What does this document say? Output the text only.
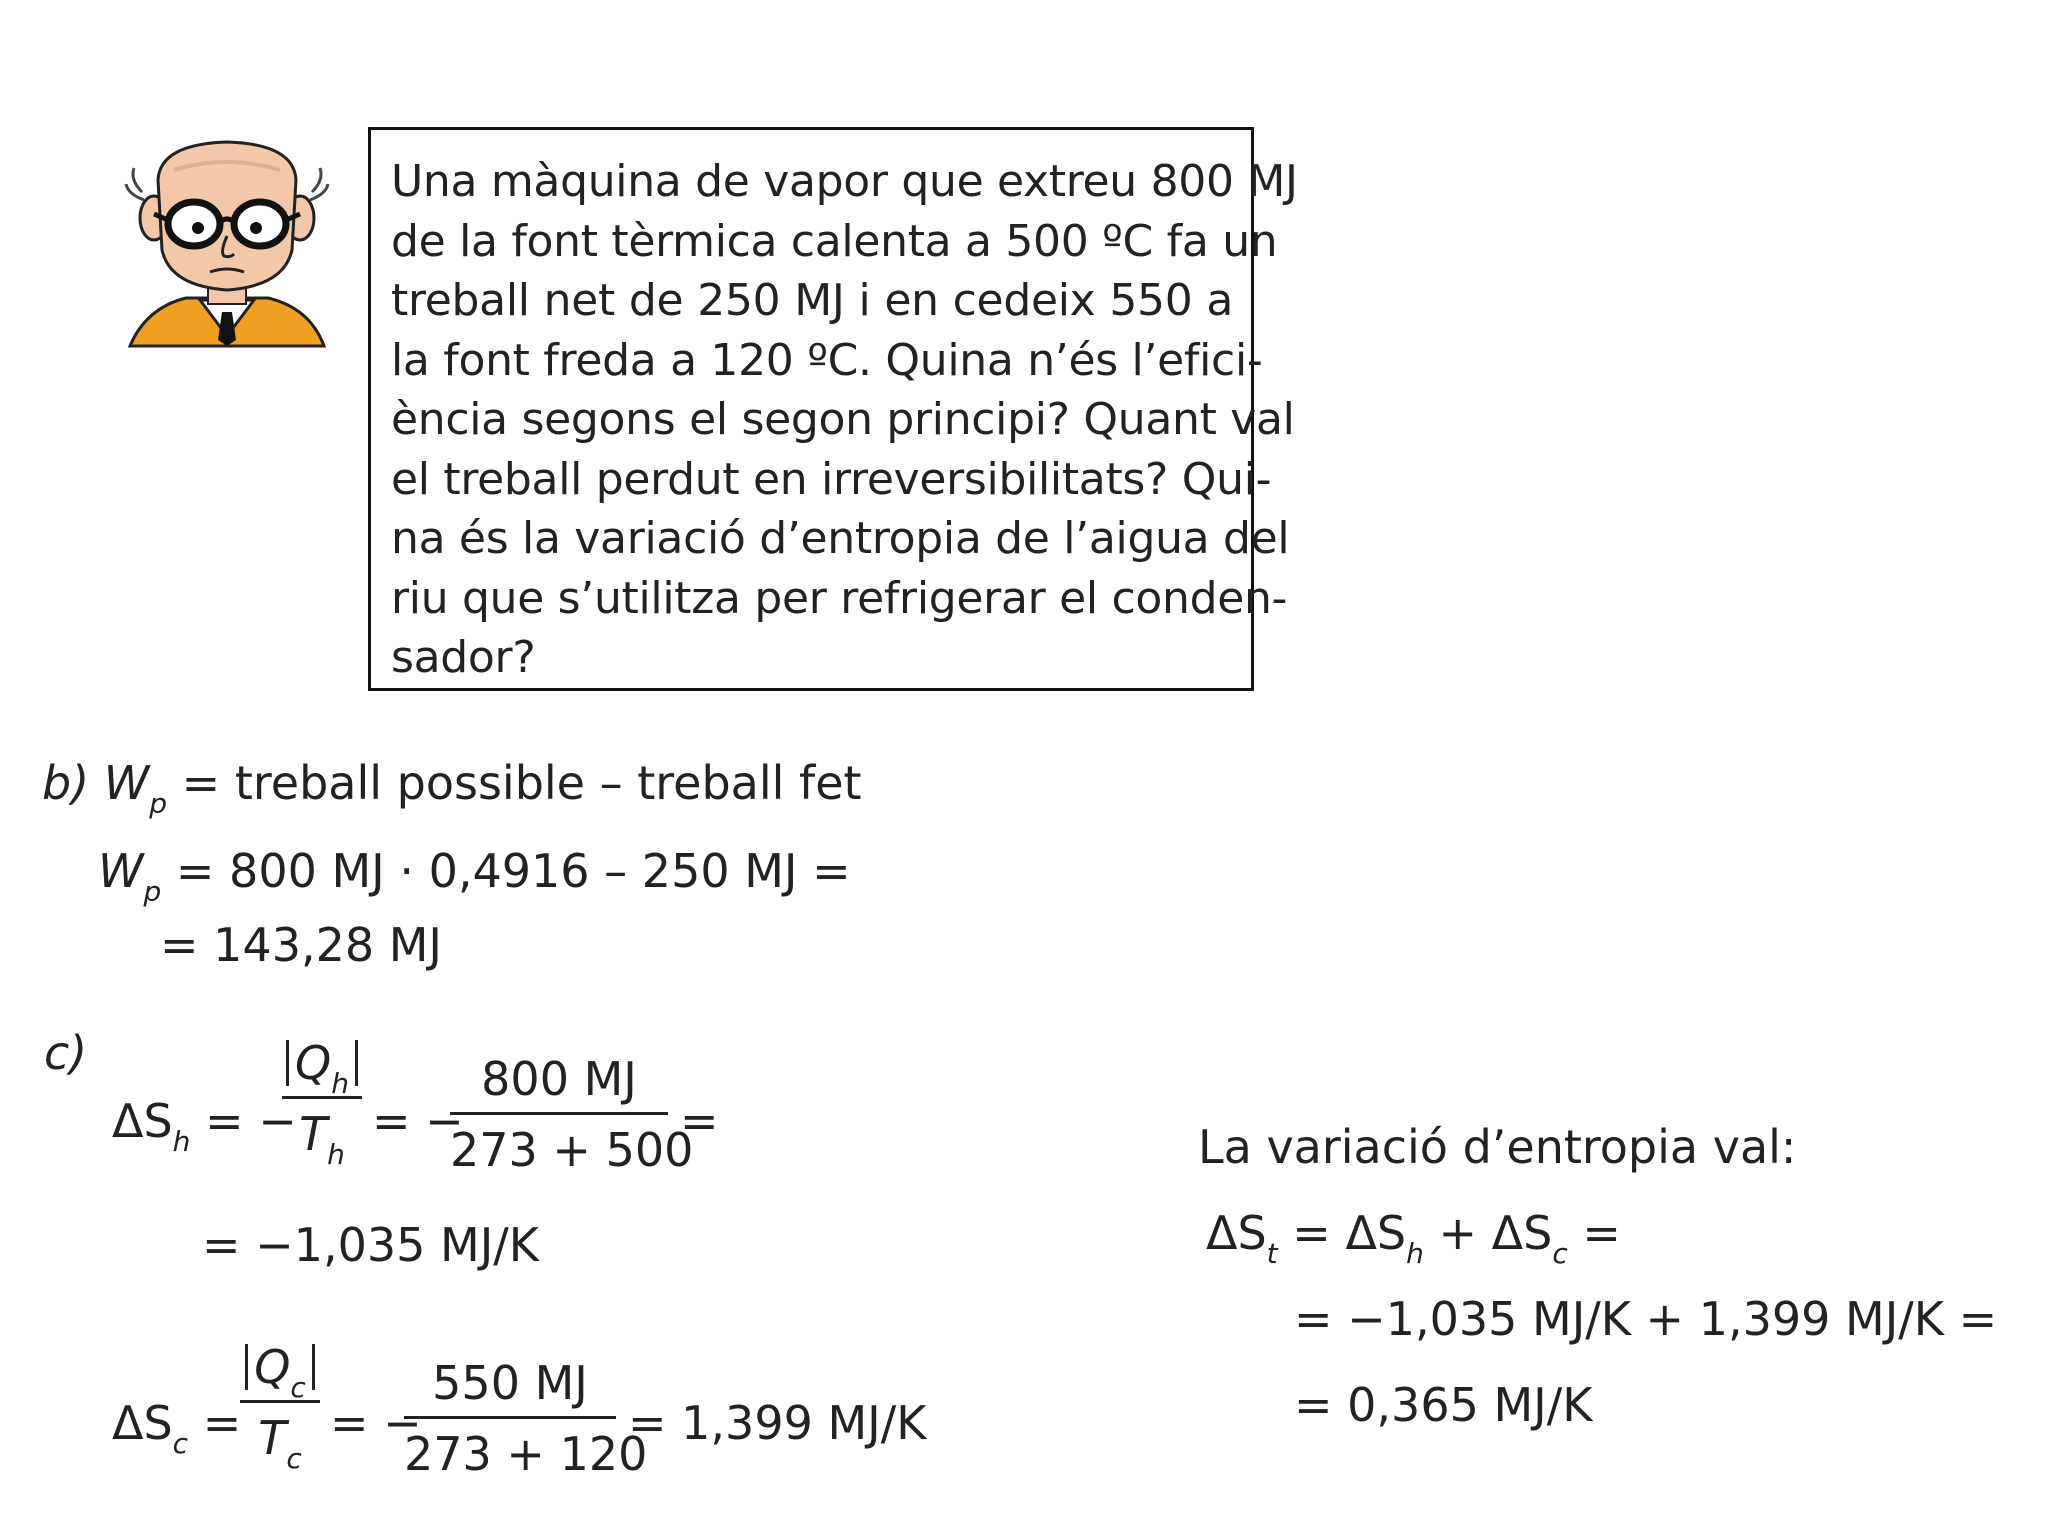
Una màquina de vapor que extreu 800 MJ
de la font tèrmica calenta a 500 ºC fa un
treball net de 250 MJ i en cedeix 550 a
la font freda a 120 ºC. Quina n’és l’efici-
ència segons el segon principi? Quant val
el treball perdut en irreversibilitats? Qui-
na és la variació d’entropia de l’aigua del
riu que s’utilitza per refrigerar el conden-
sador?
b) $W_p$ = treball possible – treball fet
$W_p = 800$ MJ · 0,4916 – 250 MJ =
= 143,28 MJ
c)
$\Delta S_h$ = −
$Q_h$
$T_h$
= −
800 MJ
273 + 500
=
= −1,035 MJ/K
$\Delta S_c$ =
$Q_c$
$T_c$
= −
550 MJ
273 + 120
= 1,399 MJ/K
La variació d’entropia val:
$\Delta S_t = \Delta S_h + \Delta S_c$ =
= −1,035 MJ/K + 1,399 MJ/K =
= 0,365 MJ/K
